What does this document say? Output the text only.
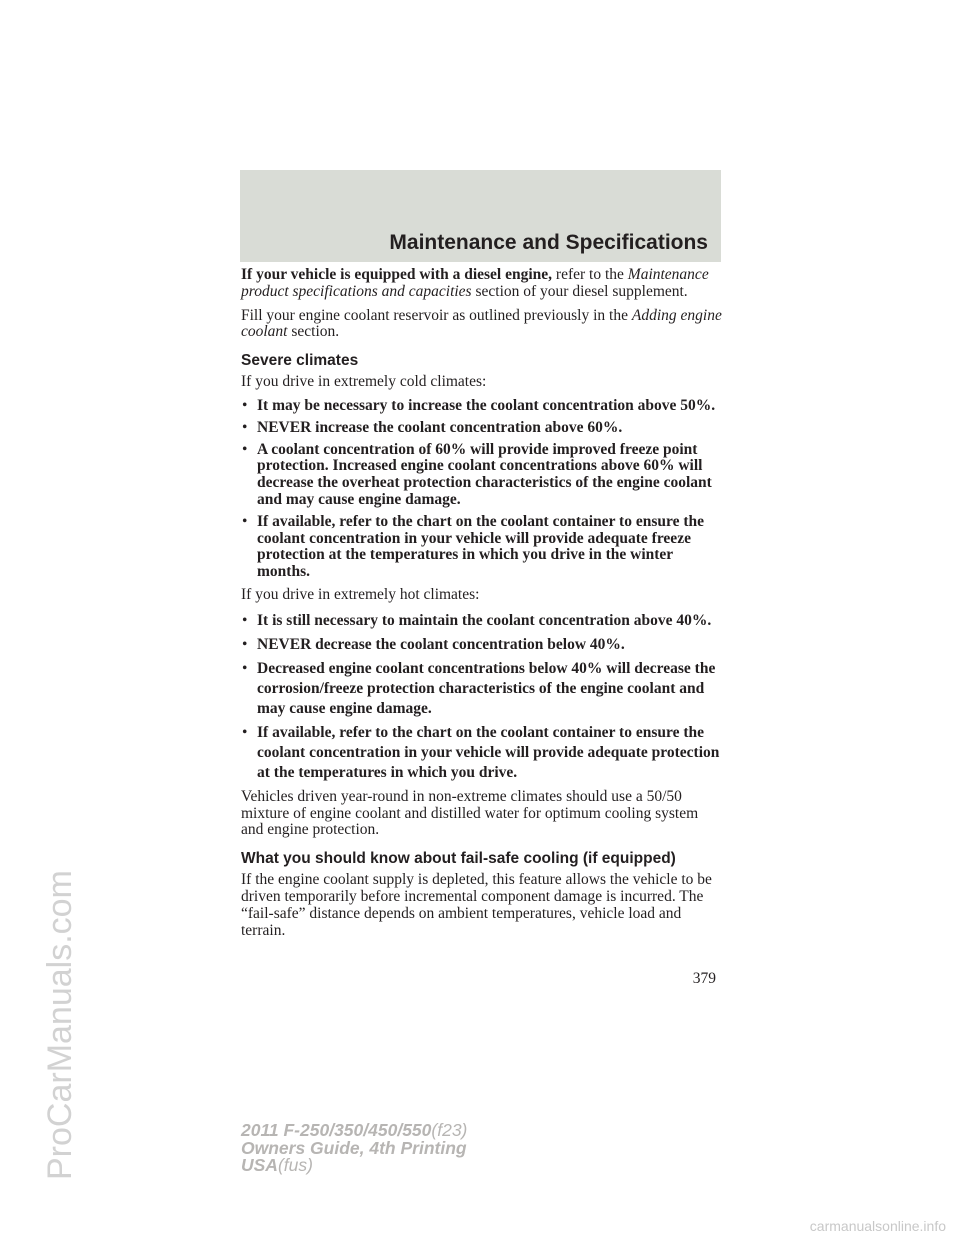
Maintenance and Specifications

If your vehicle is equipped with a diesel engine, refer to the Maintenance product specifications and capacities section of your diesel supplement.

Fill your engine coolant reservoir as outlined previously in the Adding engine coolant section.

Severe climates

If you drive in extremely cold climates:

• It may be necessary to increase the coolant concentration above 50%.
• NEVER increase the coolant concentration above 60%.
• A coolant concentration of 60% will provide improved freeze point protection. Increased engine coolant concentrations above 60% will decrease the overheat protection characteristics of the engine coolant and may cause engine damage.
• If available, refer to the chart on the coolant container to ensure the coolant concentration in your vehicle will provide adequate freeze protection at the temperatures in which you drive in the winter months.

If you drive in extremely hot climates:

• It is still necessary to maintain the coolant concentration above 40%.
• NEVER decrease the coolant concentration below 40%.
• Decreased engine coolant concentrations below 40% will decrease the corrosion/freeze protection characteristics of the engine coolant and may cause engine damage.
• If available, refer to the chart on the coolant container to ensure the coolant concentration in your vehicle will provide adequate protection at the temperatures in which you drive.

Vehicles driven year-round in non-extreme climates should use a 50/50 mixture of engine coolant and distilled water for optimum cooling system and engine protection.

What you should know about fail-safe cooling (if equipped)

If the engine coolant supply is depleted, this feature allows the vehicle to be driven temporarily before incremental component damage is incurred. The “fail-safe” distance depends on ambient temperatures, vehicle load and terrain.

379
2011 F-250/350/450/550(f23)
Owners Guide, 4th Printing
USA(fus)
ProCarManuals.com
carmanualsonline.info
